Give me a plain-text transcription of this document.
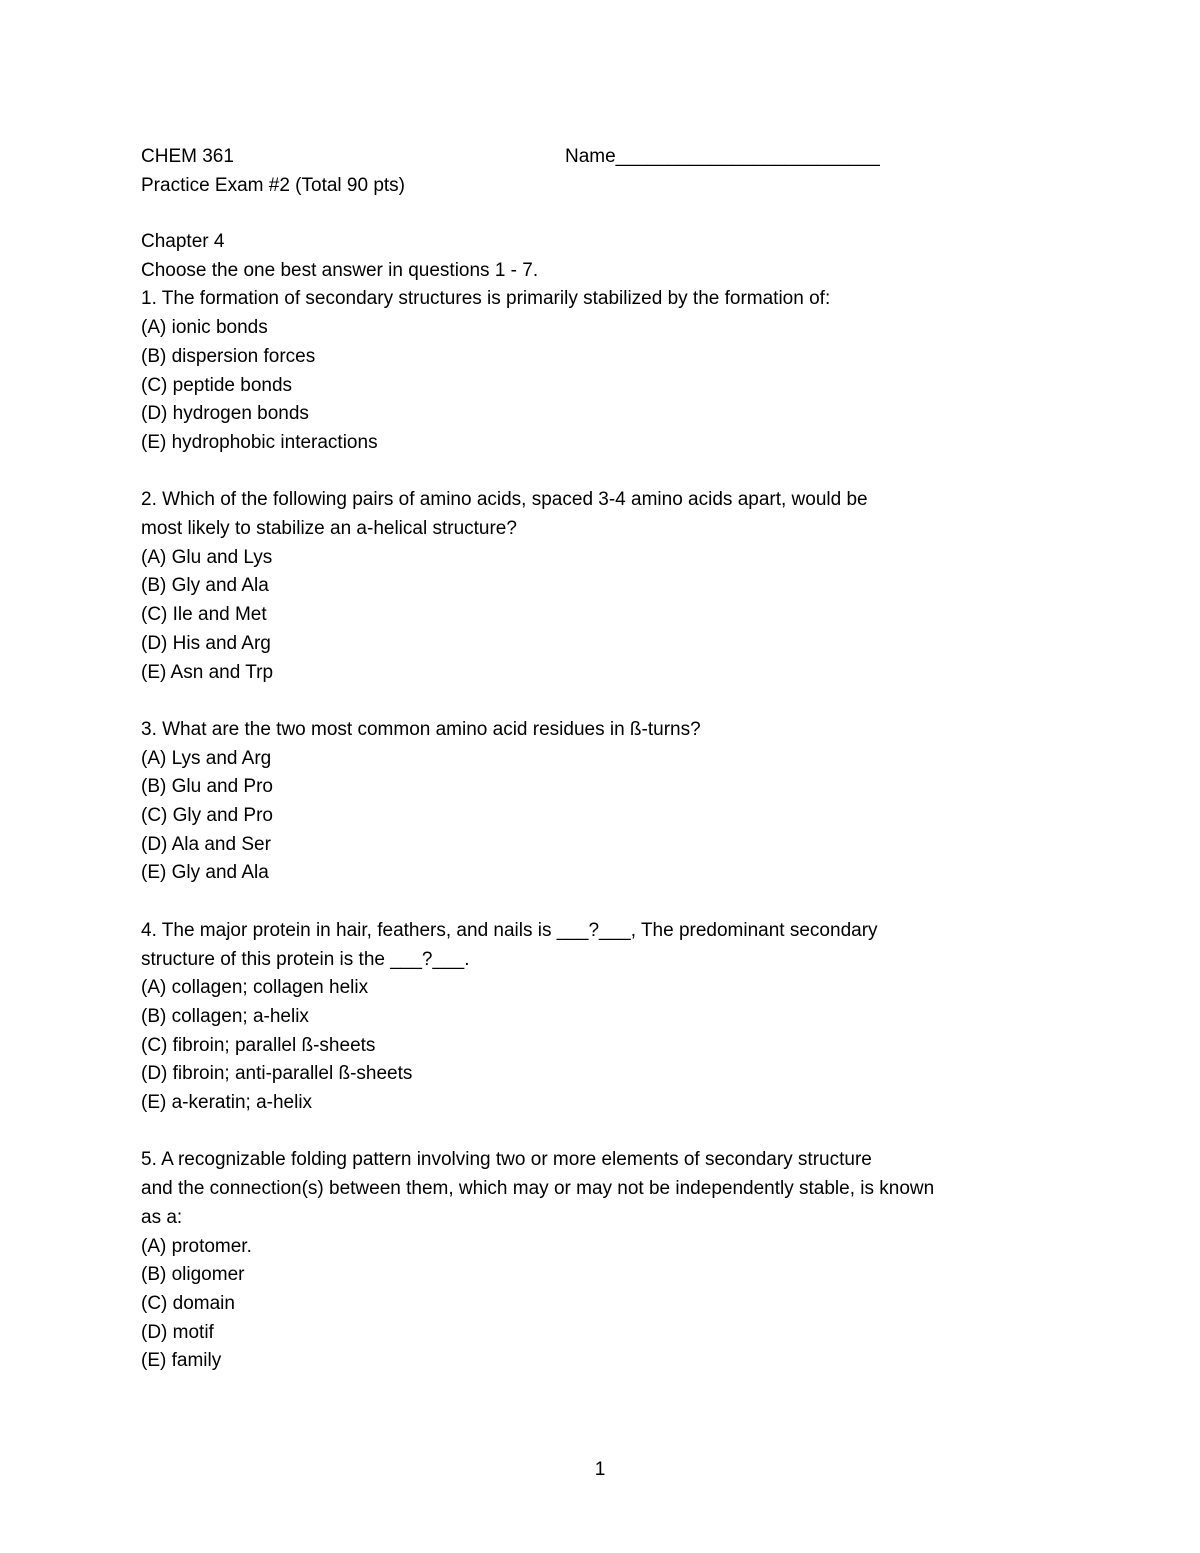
CHEM 361
Practice Exam #2 (Total 90 pts)
Name_________________________
Chapter 4
Choose the one best answer in questions 1 - 7.
1. The formation of secondary structures is primarily stabilized by the formation of:
(A) ionic bonds
(B) dispersion forces
(C) peptide bonds
(D) hydrogen bonds
(E) hydrophobic interactions
2. Which of the following pairs of amino acids, spaced 3-4 amino acids apart, would be
most likely to stabilize an a-helical structure?
(A) Glu and Lys
(B) Gly and Ala
(C) Ile and Met
(D) His and Arg
(E) Asn and Trp
3. What are the two most common amino acid residues in ß-turns?
(A) Lys and Arg
(B) Glu and Pro
(C) Gly and Pro
(D) Ala and Ser
(E) Gly and Ala
4. The major protein in hair, feathers, and nails is ___?___, The predominant secondary
structure of this protein is the ___?___.
(A) collagen; collagen helix
(B) collagen; a-helix
(C) fibroin; parallel ß-sheets
(D) fibroin; anti-parallel ß-sheets
(E) a-keratin; a-helix
5. A recognizable folding pattern involving two or more elements of secondary structure
and the connection(s) between them, which may or may not be independently stable, is known
as a:
(A) protomer.
(B) oligomer
(C) domain
(D) motif
(E) family
1
